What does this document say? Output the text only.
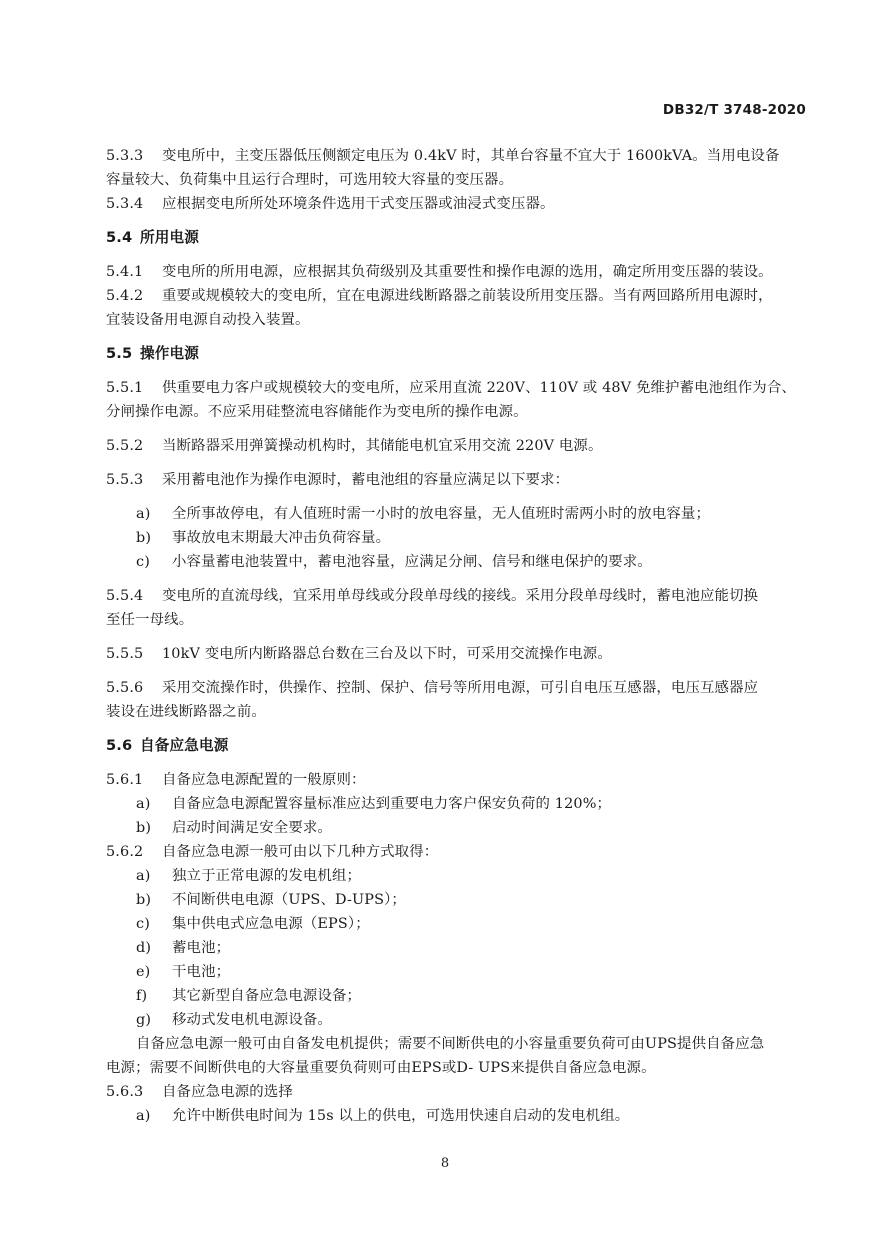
DB32/T 3748-2020
5.3.3 变电所中，主变压器低压侧额定电压为 0.4kV 时，其单台容量不宜大于 1600kVA。当用电设备
容量较大、负荷集中且运行合理时，可选用较大容量的变压器。
5.3.4 应根据变电所所处环境条件选用干式变压器或油浸式变压器。
5.4 所用电源
5.4.1 变电所的所用电源，应根据其负荷级别及其重要性和操作电源的选用，确定所用变压器的装设。
5.4.2 重要或规模较大的变电所，宜在电源进线断路器之前装设所用变压器。当有两回路所用电源时，
宜装设备用电源自动投入装置。
5.5 操作电源
5.5.1 供重要电力客户或规模较大的变电所，应采用直流 220V、110V 或 48V 免维护蓄电池组作为合、
分闸操作电源。不应采用硅整流电容储能作为变电所的操作电源。
5.5.2 当断路器采用弹簧操动机构时，其储能电机宜采用交流 220V 电源。
5.5.3 采用蓄电池作为操作电源时，蓄电池组的容量应满足以下要求：
a) 全所事故停电，有人值班时需一小时的放电容量，无人值班时需两小时的放电容量；
b) 事故放电末期最大冲击负荷容量。
c) 小容量蓄电池装置中，蓄电池容量，应满足分闸、信号和继电保护的要求。
5.5.4 变电所的直流母线，宜采用单母线或分段单母线的接线。采用分段单母线时，蓄电池应能切换
至任一母线。
5.5.5 10kV 变电所内断路器总台数在三台及以下时，可采用交流操作电源。
5.5.6 采用交流操作时，供操作、控制、保护、信号等所用电源，可引自电压互感器，电压互感器应
装设在进线断路器之前。
5.6 自备应急电源
5.6.1 自备应急电源配置的一般原则：
a) 自备应急电源配置容量标准应达到重要电力客户保安负荷的 120%；
b) 启动时间满足安全要求。
5.6.2 自备应急电源一般可由以下几种方式取得：
a) 独立于正常电源的发电机组；
b) 不间断供电电源（UPS、D-UPS）；
c) 集中供电式应急电源（EPS）；
d) 蓄电池；
e) 干电池；
f) 其它新型自备应急电源设备；
g) 移动式发电机电源设备。
自备应急电源一般可由自备发电机提供；需要不间断供电的小容量重要负荷可由UPS提供自备应急
电源；需要不间断供电的大容量重要负荷则可由EPS或D- UPS来提供自备应急电源。
5.6.3 自备应急电源的选择
a) 允许中断供电时间为 15s 以上的供电，可选用快速自启动的发电机组。
8
